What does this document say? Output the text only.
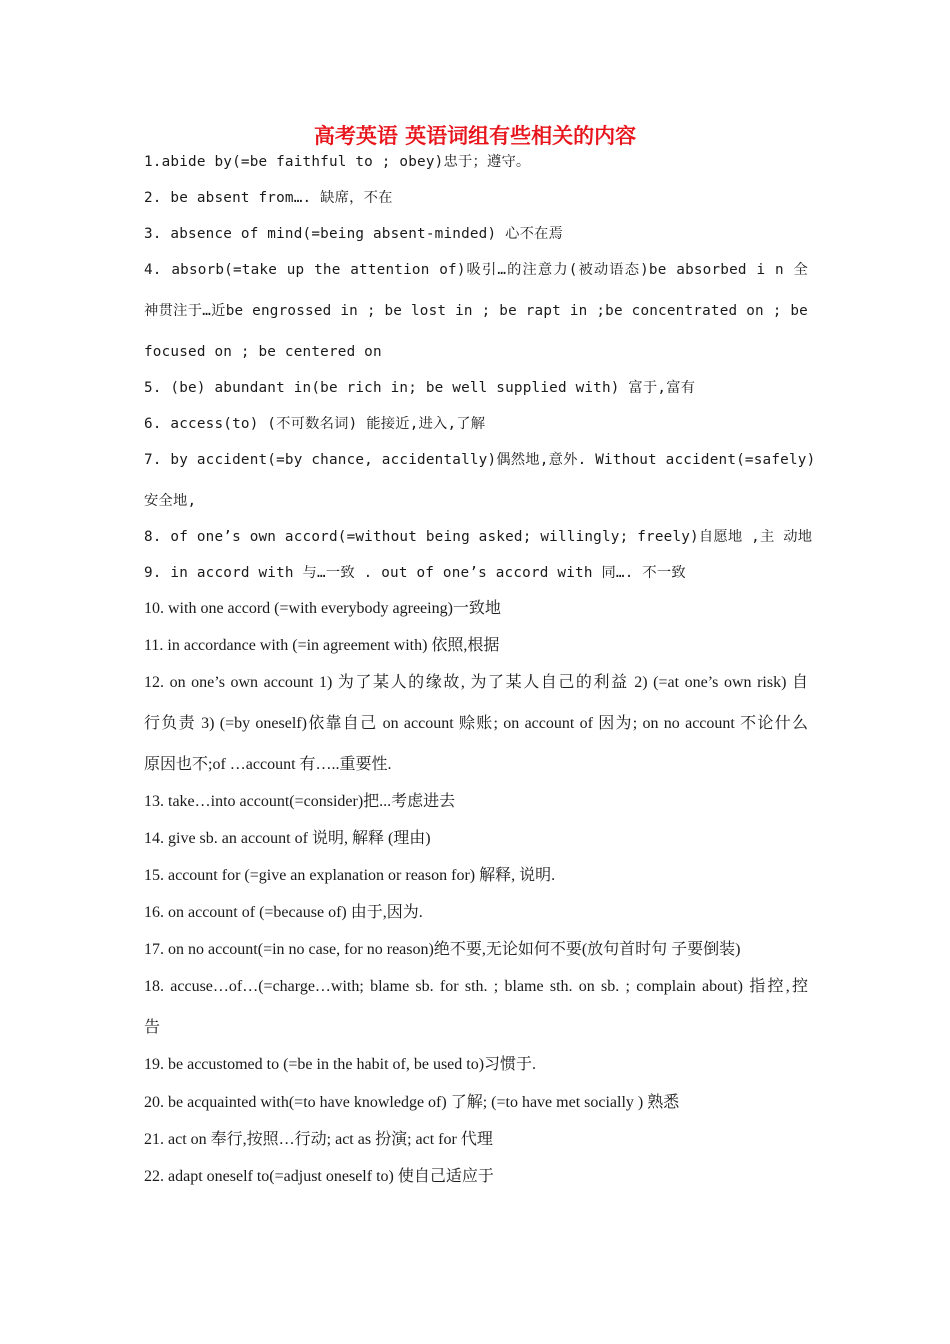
高考英语 英语词组有些相关的内容
1.abide by(=be faithful to ; obey)忠于；遵守。
2. be absent from…. 缺席，不在
3. absence of mind(=being absent-minded) 心不在焉
4. absorb(=take up the attention of)吸引…的注意力(被动语态)be absorbed i n 全
神贯注于…近be engrossed in ; be lost in ; be rapt in ;be concentrated on ; be
focused on ; be centered on
5. (be) abundant in(be rich in; be well supplied with) 富于,富有
6. access(to) (不可数名词) 能接近,进入,了解
7. by accident(=by chance, accidentally)偶然地,意外. Without accident(=safely)
安全地,
8. of one’s own accord(=without being asked; willingly; freely)自愿地 ,主 动地
9. in accord with 与…一致 . out of one’s accord with 同…. 不一致
10. with one accord (=with everybody agreeing)一致地
11. in accordance with (=in agreement with) 依照,根据
12. on one’s own account 1) 为了某人的缘故, 为了某人自己的利益 2) (=at one’s own risk) 自
行负责 3) (=by oneself)依靠自己 on account 赊账; on account of 因为; on no account 不论什么
原因也不;of …account 有…..重要性.
13. take…into account(=consider)把...考虑进去
14. give sb. an account of 说明, 解释 (理由)
15. account for (=give an explanation or reason for) 解释, 说明.
16. on account of (=because of) 由于,因为.
17. on no account(=in no case, for no reason)绝不要,无论如何不要(放句首时句 子要倒装)
18. accuse…of…(=charge…with; blame sb. for sth. ; blame sth. on sb. ; complain about) 指控,控
告
19. be accustomed to (=be in the habit of, be used to)习惯于.
20. be acquainted with(=to have knowledge of) 了解; (=to have met socially ) 熟悉
21. act on 奉行,按照…行动; act as 扮演; act for 代理
22. adapt oneself to(=adjust oneself to) 使自己适应于
